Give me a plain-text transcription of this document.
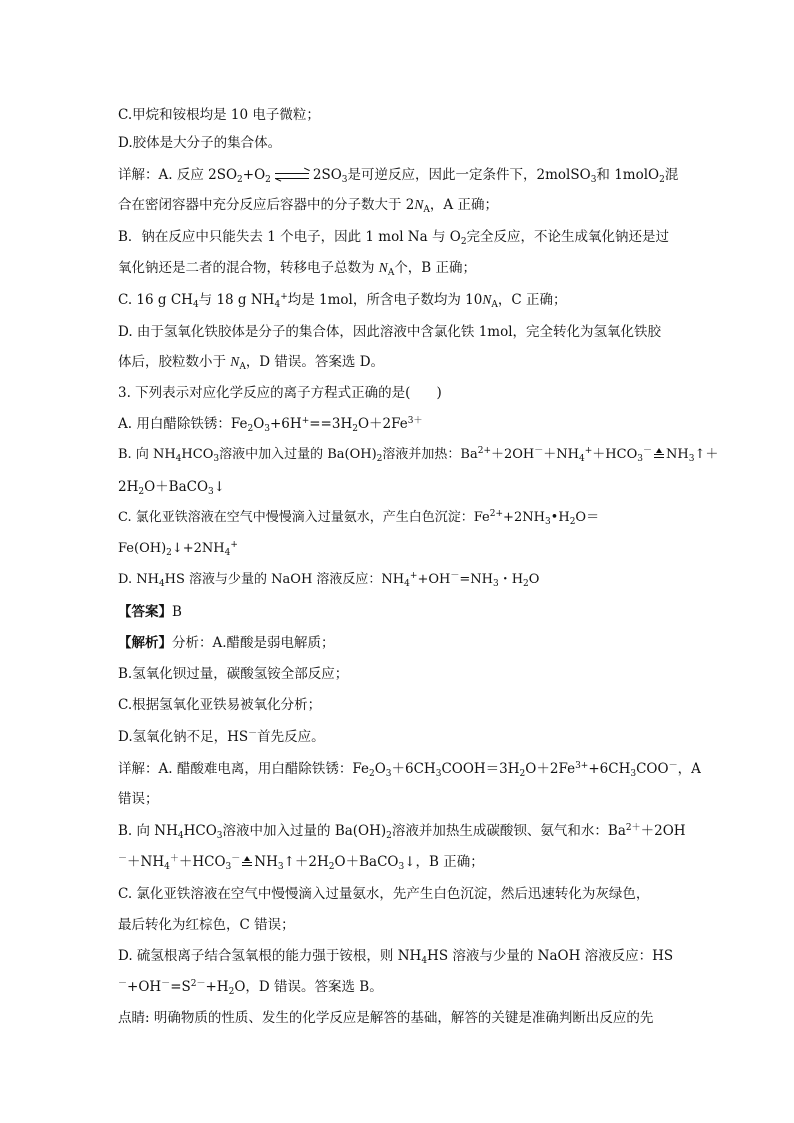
C.甲烷和铵根均是 10 电子微粒；
D.胶体是大分子的集合体。
详解：A. 反应 $2SO_2+O_2$	$2SO_3$是可逆反应，因此一定条件下，2molSO$_3$和 1molO$_2$混
合在密闭容器中充分反应后容器中的分子数大于 $2N_A$，A 正确；
B．钠在反应中只能失去 1 个电子，因此 1 mol Na 与 $O_2$完全反应，不论生成氧化钠还是过
氧化钠还是二者的混合物，转移电子总数为 $N_A$个，B 正确；
C. 16 g $CH_4$与 18 g $NH_4^+$均是 1mol，所含电子数均为 $10N_A$，C 正确；
D. 由于氢氧化铁胶体是分子的集合体，因此溶液中含氯化铁 1mol，完全转化为氢氧化铁胶
体后，胶粒数小于 $N_A$，D 错误。答案选 D。
3. 下列表示对应化学反应的离子方程式正确的是( )
A. 用白醋除铁锈：$Fe_2O_3+6H^+==3H_2O+2Fe^{3+}$
B. 向 $NH_4HCO_3$溶液中加入过量的 $Ba(OH)_2$溶液并加热：$Ba^{2+}+2OH^-+NH_4^++HCO_3^-$ $NH_3↑+$
$2H_2O+BaCO_3↓$
C. 氯化亚铁溶液在空气中慢慢滴入过量氨水，产生白色沉淀：$Fe^{2+}+2NH_3•H_2O=$
$Fe(OH)_2↓+2NH_4^+$
D. $NH_4HS$ 溶液与少量的 NaOH 溶液反应：$NH_4^++OH^-=NH_3$・$H_2O$
【答案】B
【解析】分析：A.醋酸是弱电解质；
B.氢氧化钡过量，碳酸氢铵全部反应；
C.根据氢氧化亚铁易被氧化分析；
D.氢氧化钠不足，HS－首先反应。
详解：A. 醋酸难电离，用白醋除铁锈：$Fe_2O_3+6CH_3COOH=3H_2O+2Fe^{3+}+6CH_3COO^-$，A
错误；
B. 向 $NH_4HCO_3$溶液中加入过量的 $Ba(OH)_2$溶液并加热生成碳酸钡、氨气和水：$Ba^{2+}+2OH$
$^-+NH_4^++HCO_3^-$ $NH_3↑+2H_2O+BaCO_3↓$，B 正确；
C. 氯化亚铁溶液在空气中慢慢滴入过量氨水，先产生白色沉淀，然后迅速转化为灰绿色，
最后转化为红棕色，C 错误；
D. 硫氢根离子结合氢氧根的能力强于铵根，则 $NH_4HS$ 溶液与少量的 NaOH 溶液反应：HS
$^-+OH^-=S^{2-}+H_2O$，D 错误。答案选 B。
点睛: 明确物质的性质、发生的化学反应是解答的基础，解答的关键是准确判断出反应的先
